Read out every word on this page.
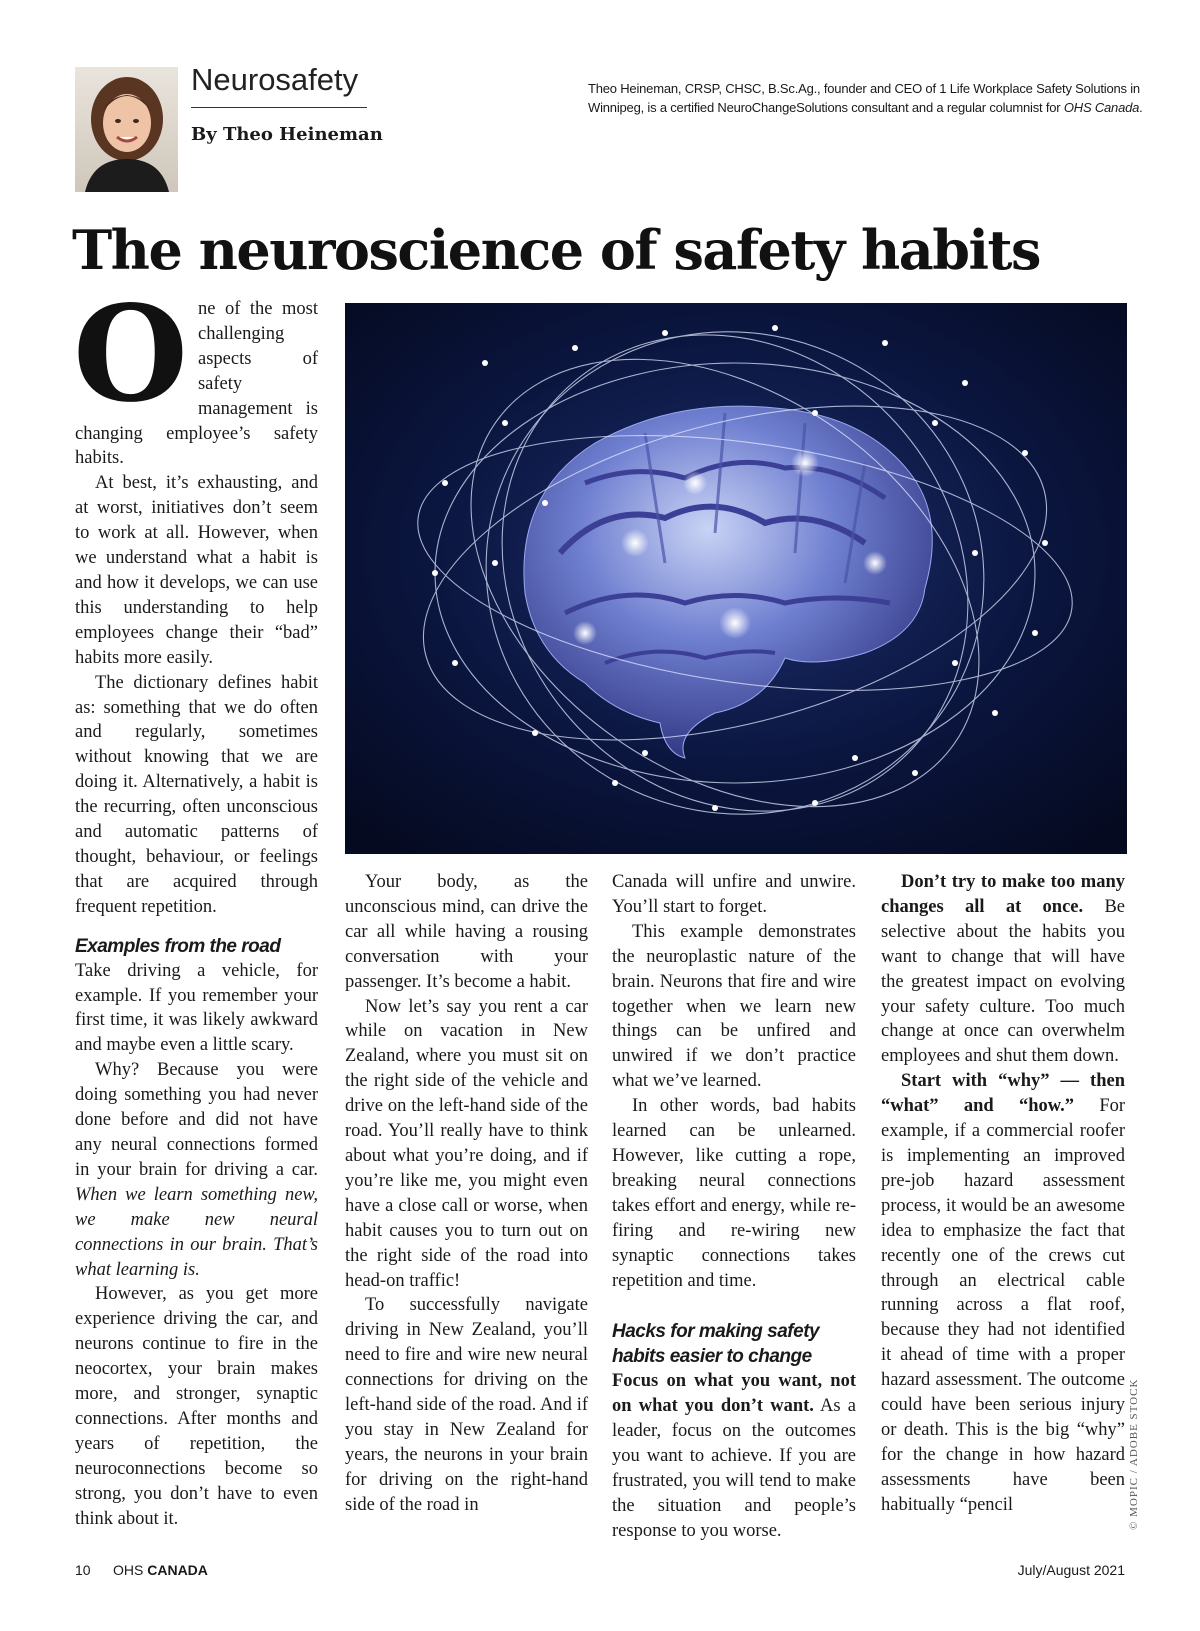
Neurosafety
By Theo Heineman
Theo Heineman, CRSP, CHSC, B.Sc.Ag., founder and CEO of 1 Life Workplace Safety Solutions in Winnipeg, is a certified NeuroChangeSolutions consultant and a regular columnist for OHS Canada.
The neuroscience of safety habits
O ne of the most challenging aspects of safety management is changing employee’s safety habits.

At best, it’s exhausting, and at worst, initiatives don’t seem to work at all. However, when we understand what a habit is and how it develops, we can use this understanding to help employees change their “bad” habits more easily.

The dictionary defines habit as: something that we do often and regularly, sometimes without knowing that we are doing it. Alternatively, a habit is the recurring, often unconscious and automatic patterns of thought, behaviour, or feelings that are acquired through frequent repetition.

Examples from the road

Take driving a vehicle, for example. If you remember your first time, it was likely awkward and maybe even a little scary.

Why? Because you were doing something you had never done before and did not have any neural connections formed in your brain for driving a car. When we learn something new, we make new neural connections in our brain. That’s what learning is.

However, as you get more experience driving the car, and neurons continue to fire in the neocortex, your brain makes more, and stronger, synaptic connections. After months and years of repetition, the neuroconnections become so strong, you don’t have to even think about it.

Your body, as the unconscious mind, can drive the car all while having a rousing conversation with your passenger. It’s become a habit.

Now let’s say you rent a car while on vacation in New Zealand, where you must sit on the right side of the vehicle and drive on the left-hand side of the road. You’ll really have to think about what you’re doing, and if you’re like me, you might even have a close call or worse, when habit causes you to turn out on the right side of the road into head-on traffic!

To successfully navigate driving in New Zealand, you’ll need to fire and wire new neural connections for driving on the left-hand side of the road. And if you stay in New Zealand for years, the neurons in your brain for driving on the right-hand side of the road in

Canada will unfire and unwire. You’ll start to forget.

This example demonstrates the neuroplastic nature of the brain. Neurons that fire and wire together when we learn new things can be unfired and unwired if we don’t practice what we’ve learned.

In other words, bad habits learned can be unlearned. However, like cutting a rope, breaking neural connections takes effort and energy, while re-firing and re-wiring new synaptic connections takes repetition and time.

Hacks for making safety habits easier to change

Focus on what you want, not on what you don’t want. As a leader, focus on the outcomes you want to achieve. If you are frustrated, you will tend to make the situation and people’s response to you worse.

Don’t try to make too many changes all at once. Be selective about the habits you want to change that will have the greatest impact on evolving your safety culture. Too much change at once can overwhelm employees and shut them down.

Start with “why” — then “what” and “how.” For example, if a commercial roofer is implementing an improved pre-job hazard assessment process, it would be an awesome idea to emphasize the fact that recently one of the crews cut through an electrical cable running across a flat roof, because they had not identified it ahead of time with a proper hazard assessment. The outcome could have been serious injury or death. This is the big “why” for the change in how hazard assessments have been habitually “pencil	© MOPIC / ADOBE STOCK
10 OHS CANADA	July/August 2021
